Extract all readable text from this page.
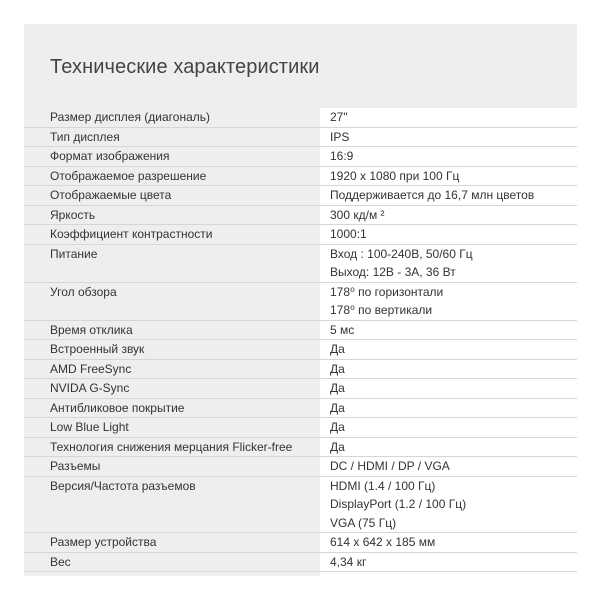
Технические характеристики
Размер дисплея (диагональ)	27"
Тип дисплея	IPS
Формат изображения	16:9
Отображаемое разрешение	1920 x 1080 при 100 Гц
Отображаемые цвета	Поддерживается до 16,7 млн цветов
Яркость	300 кд/м ²
Коэффициент контрастности	1000:1
Питание	Вход : 100-240В, 50/60 Гц
Выход: 12В - 3А, 36 Вт
Угол обзора	178⁰ по горизонтали
178⁰ по вертикали
Время отклика	5 мс
Встроенный звук	Да
AMD FreeSync	Да
NVIDA G-Sync	Да
Антибликовое покрытие	Да
Low Blue Light	Да
Технология снижения мерцания Flicker-free	Да
Разъемы	DC / HDMI / DP / VGA
Версия/Частота разъемов	HDMI (1.4 / 100 Гц)
DisplayPort (1.2 / 100 Гц)
VGA (75 Гц)
Размер устройства	614 x 642 x 185 мм
Вес	4,34 кг
